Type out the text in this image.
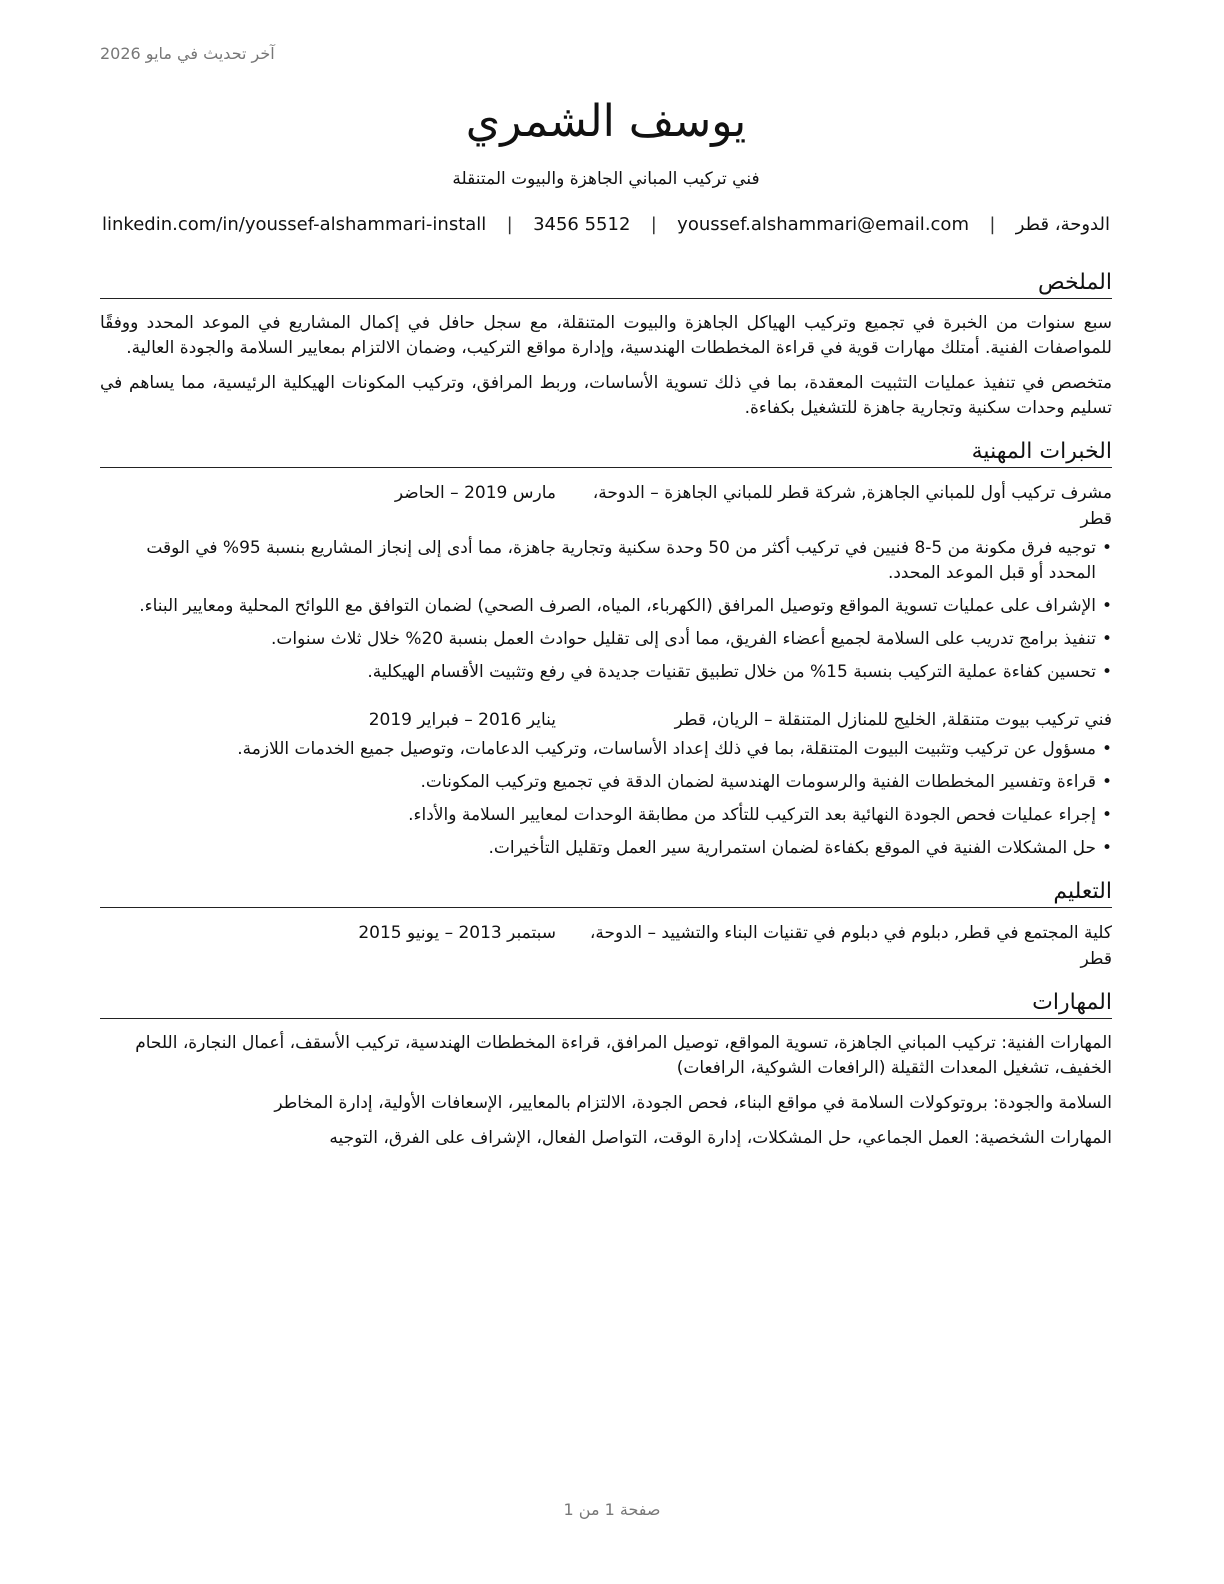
آخر تحديث في مايو 2026
يوسف الشمري
فني تركيب المباني الجاهزة والبيوت المتنقلة
الدوحة، قطر
|
youssef.alshammari@email.com
|
3456 5512
|
linkedin.com/in/youssef-alshammari-install
الملخص

سبع سنوات من الخبرة في تجميع وتركيب الهياكل الجاهزة والبيوت المتنقلة، مع سجل حافل في إكمال المشاريع في الموعد المحدد ووفقًا للمواصفات الفنية. أمتلك مهارات قوية في قراءة المخططات الهندسية، وإدارة مواقع التركيب، وضمان الالتزام بمعايير السلامة والجودة العالية.

متخصص في تنفيذ عمليات التثبيت المعقدة، بما في ذلك تسوية الأساسات، وربط المرافق، وتركيب المكونات الهيكلية الرئيسية، مما يساهم في تسليم وحدات سكنية وتجارية جاهزة للتشغيل بكفاءة.

الخبرات المهنية
مشرف تركيب أول للمباني الجاهزة, شركة قطر للمباني الجاهزة – الدوحة، قطر
مارس 2019 – الحاضر
•
توجيه فرق مكونة من 5-8 فنيين في تركيب أكثر من 50 وحدة سكنية وتجارية جاهزة، مما أدى إلى إنجاز المشاريع بنسبة 95% في الوقت المحدد أو قبل الموعد المحدد.
•
الإشراف على عمليات تسوية المواقع وتوصيل المرافق (الكهرباء، المياه، الصرف الصحي) لضمان التوافق مع اللوائح المحلية ومعايير البناء.
•
تنفيذ برامج تدريب على السلامة لجميع أعضاء الفريق، مما أدى إلى تقليل حوادث العمل بنسبة 20% خلال ثلاث سنوات.
•
تحسين كفاءة عملية التركيب بنسبة 15% من خلال تطبيق تقنيات جديدة في رفع وتثبيت الأقسام الهيكلية.
فني تركيب بيوت متنقلة, الخليج للمنازل المتنقلة – الريان، قطر
يناير 2016 – فبراير 2019
•
مسؤول عن تركيب وتثبيت البيوت المتنقلة، بما في ذلك إعداد الأساسات، وتركيب الدعامات، وتوصيل جميع الخدمات اللازمة.
•
قراءة وتفسير المخططات الفنية والرسومات الهندسية لضمان الدقة في تجميع وتركيب المكونات.
•
إجراء عمليات فحص الجودة النهائية بعد التركيب للتأكد من مطابقة الوحدات لمعايير السلامة والأداء.
•
حل المشكلات الفنية في الموقع بكفاءة لضمان استمرارية سير العمل وتقليل التأخيرات.
التعليم
كلية المجتمع في قطر, دبلوم في دبلوم في تقنيات البناء والتشييد – الدوحة، قطر
سبتمبر 2013 – يونيو 2015
المهارات
المهارات الفنية: تركيب المباني الجاهزة، تسوية المواقع، توصيل المرافق، قراءة المخططات الهندسية، تركيب الأسقف، أعمال النجارة، اللحام الخفيف، تشغيل المعدات الثقيلة (الرافعات الشوكية، الرافعات)
السلامة والجودة: بروتوكولات السلامة في مواقع البناء، فحص الجودة، الالتزام بالمعايير، الإسعافات الأولية، إدارة المخاطر
المهارات الشخصية: العمل الجماعي، حل المشكلات، إدارة الوقت، التواصل الفعال، الإشراف على الفرق، التوجيه
صفحة 1 من 1
